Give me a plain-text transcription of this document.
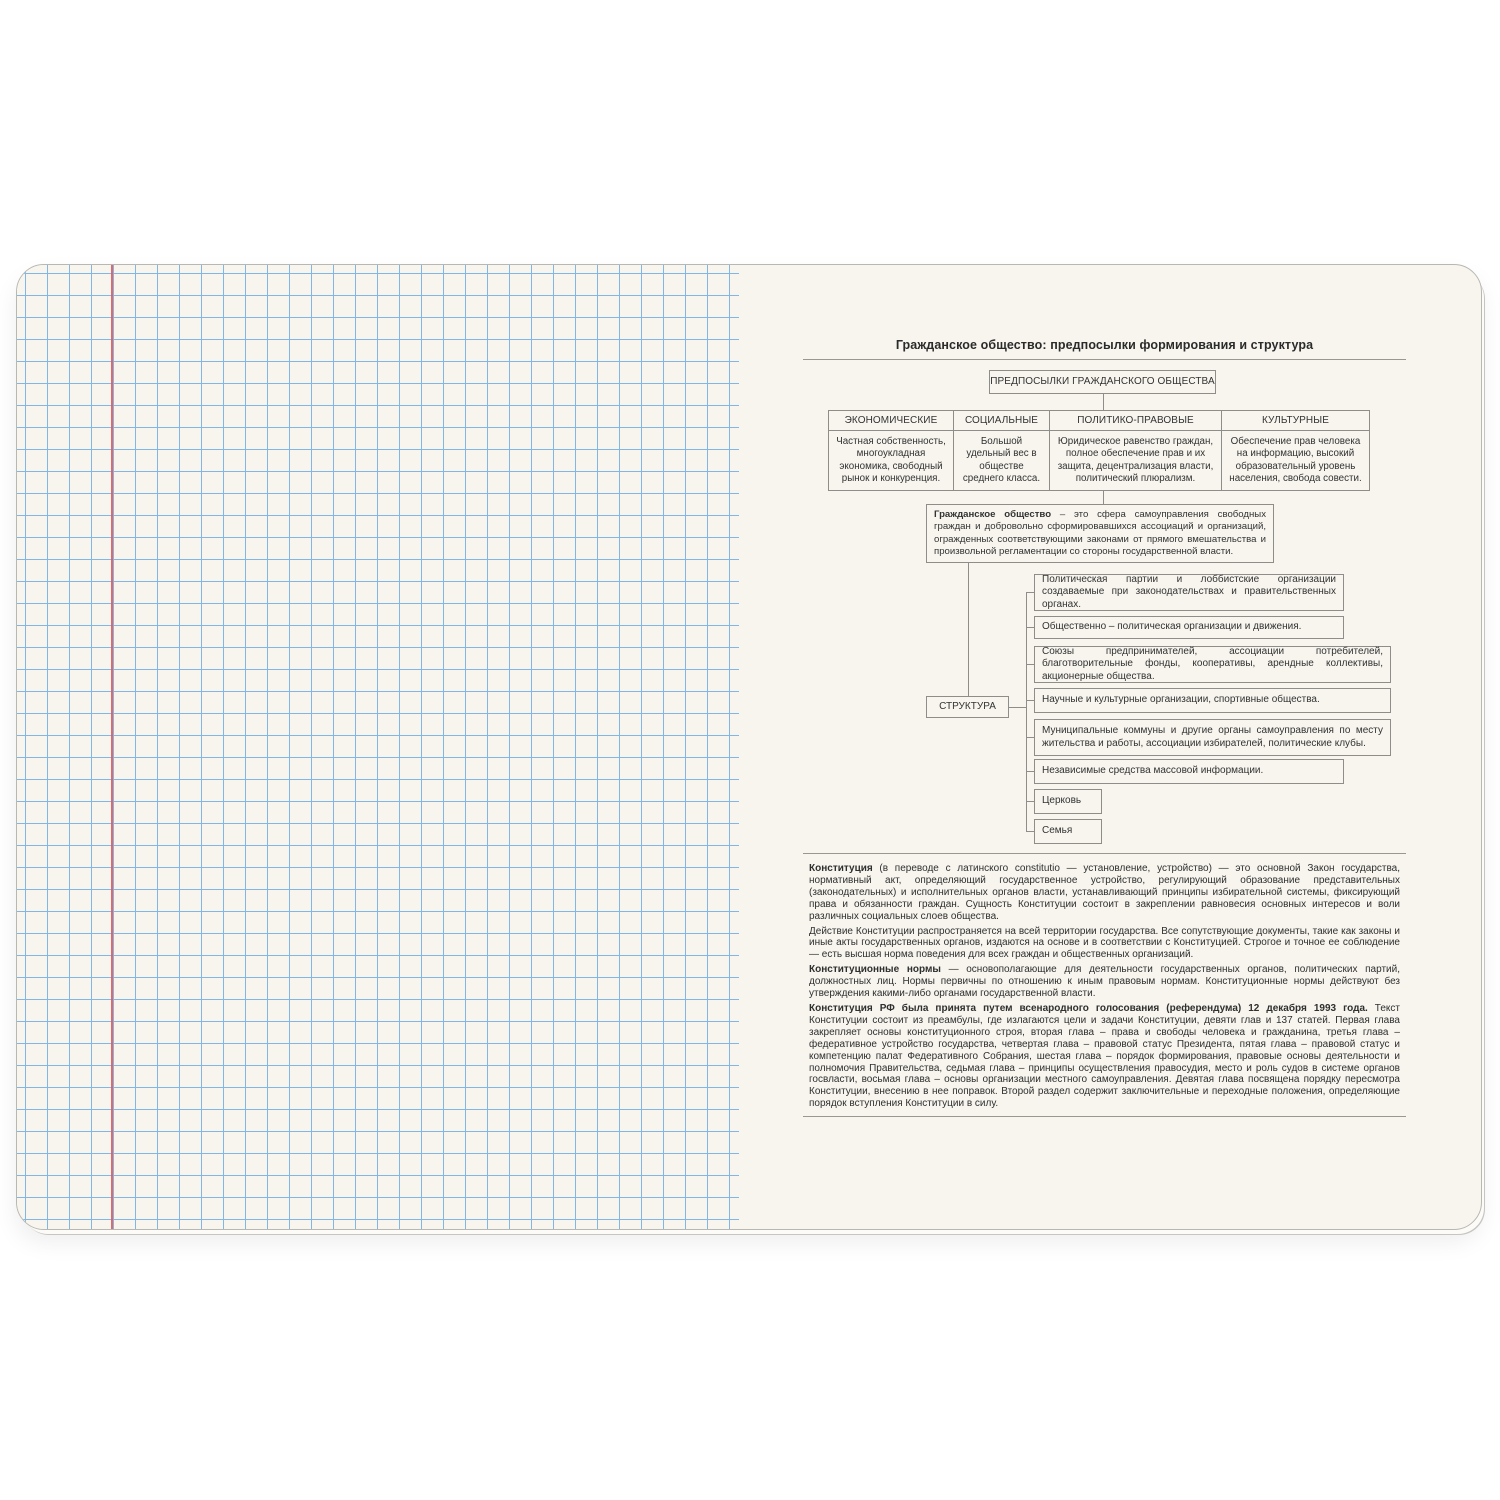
Гражданское общество: предпосылки формирования и структура
ПРЕДПОСЫЛКИ ГРАЖДАНСКОГО ОБЩЕСТВА
ЭКОНОМИЧЕСКИЕ
Частная собственность, многоукладная экономика, свободный рынок и конкуренция.
СОЦИАЛЬНЫЕ
Большой удельный вес в обществе среднего класса.
ПОЛИТИКО-ПРАВОВЫЕ
Юридическое равенство граждан, полное обеспечение прав и их защита, децентрализация власти, политический плюрализм.
КУЛЬТУРНЫЕ
Обеспечение прав человека на информацию, высокий образовательный уровень населения, свобода совести.
Гражданское общество – это сфера самоуправления свободных граждан и добровольно сформировавшихся ассоциаций и организаций, огражденных соответствующими законами от прямого вмешательства и произвольной регламентации со стороны государственной власти.
СТРУКТУРА
Политическая партии и лоббистские организации создаваемые при законодательствах и правительственных органах.
Общественно – политическая организации и движения.
Союзы предпринимателей, ассоциации потребителей, благотворительные фонды, кооперативы, арендные коллективы, акционерные общества.
Научные и культурные организации, спортивные общества.
Муниципальные коммуны и другие органы самоуправления по месту жительства и работы, ассоциации избирателей, политические клубы.
Независимые средства массовой информации.
Церковь
Семья

Конституция (в переводе с латинского constitutio — установление, устройство) — это основной Закон государства, нормативный акт, определяющий государственное устройство, регулирующий образование представительных (законодательных) и исполнительных органов власти, устанавливающий принципы избирательной системы, фиксирующий права и обязанности граждан. Сущность Конституции состоит в закреплении равновесия основных интересов и воли различных социальных слоев общества.

Действие Конституции распространяется на всей территории государства. Все сопутствующие документы, такие как законы и иные акты государственных органов, издаются на основе и в соответствии с Конституцией. Строгое и точное ее соблюдение — есть высшая норма поведения для всех граждан и общественных организаций.

Конституционные нормы — основополагающие для деятельности государственных органов, политических партий, должностных лиц. Нормы первичны по отношению к иным правовым нормам. Конституционные нормы действуют без утверждения какими-либо органами государственной власти.

Конституция РФ была принята путем всенародного голосования (референдума) 12 декабря 1993 года. Текст Конституции состоит из преамбулы, где излагаются цели и задачи Конституции, девяти глав и 137 статей. Первая глава закрепляет основы конституционного строя, вторая глава – права и свободы человека и гражданина, третья глава – федеративное устройство государства, четвертая глава – правовой статус Президента, пятая глава – правовой статус и компетенцию палат Федеративного Собрания, шестая глава – порядок формирования, правовые основы деятельности и полномочия Правительства, седьмая глава – принципы осуществления правосудия, место и роль судов в системе органов госвласти, восьмая глава – основы организации местного самоуправления. Девятая глава посвящена порядку пересмотра Конституции, внесению в нее поправок. Второй раздел содержит заключительные и переходные положения, определяющие порядок вступления Конституции в силу.
